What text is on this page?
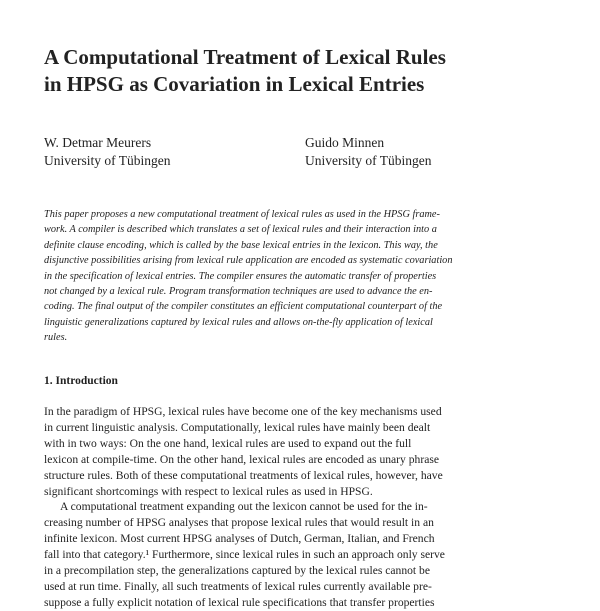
A Computational Treatment of Lexical Rules
in HPSG as Covariation in Lexical Entries
W. Detmar Meurers
University of Tübingen
Guido Minnen
University of Tübingen
This paper proposes a new computational treatment of lexical rules as used in the HPSG frame-
work. A compiler is described which translates a set of lexical rules and their interaction into a
definite clause encoding, which is called by the base lexical entries in the lexicon. This way, the
disjunctive possibilities arising from lexical rule application are encoded as systematic covariation
in the specification of lexical entries. The compiler ensures the automatic transfer of properties
not changed by a lexical rule. Program transformation techniques are used to advance the en-
coding. The final output of the compiler constitutes an efficient computational counterpart of the
linguistic generalizations captured by lexical rules and allows on-the-fly application of lexical
rules.
1. Introduction
In the paradigm of HPSG, lexical rules have become one of the key mechanisms used
in current linguistic analysis. Computationally, lexical rules have mainly been dealt
with in two ways: On the one hand, lexical rules are used to expand out the full
lexicon at compile-time. On the other hand, lexical rules are encoded as unary phrase
structure rules. Both of these computational treatments of lexical rules, however, have
significant shortcomings with respect to lexical rules as used in HPSG.
A computational treatment expanding out the lexicon cannot be used for the in-
creasing number of HPSG analyses that propose lexical rules that would result in an
infinite lexicon. Most current HPSG analyses of Dutch, German, Italian, and French
fall into that category.¹ Furthermore, since lexical rules in such an approach only serve
in a precompilation step, the generalizations captured by the lexical rules cannot be
used at run time. Finally, all such treatments of lexical rules currently available pre-
suppose a fully explicit notation of lexical rule specifications that transfer properties
